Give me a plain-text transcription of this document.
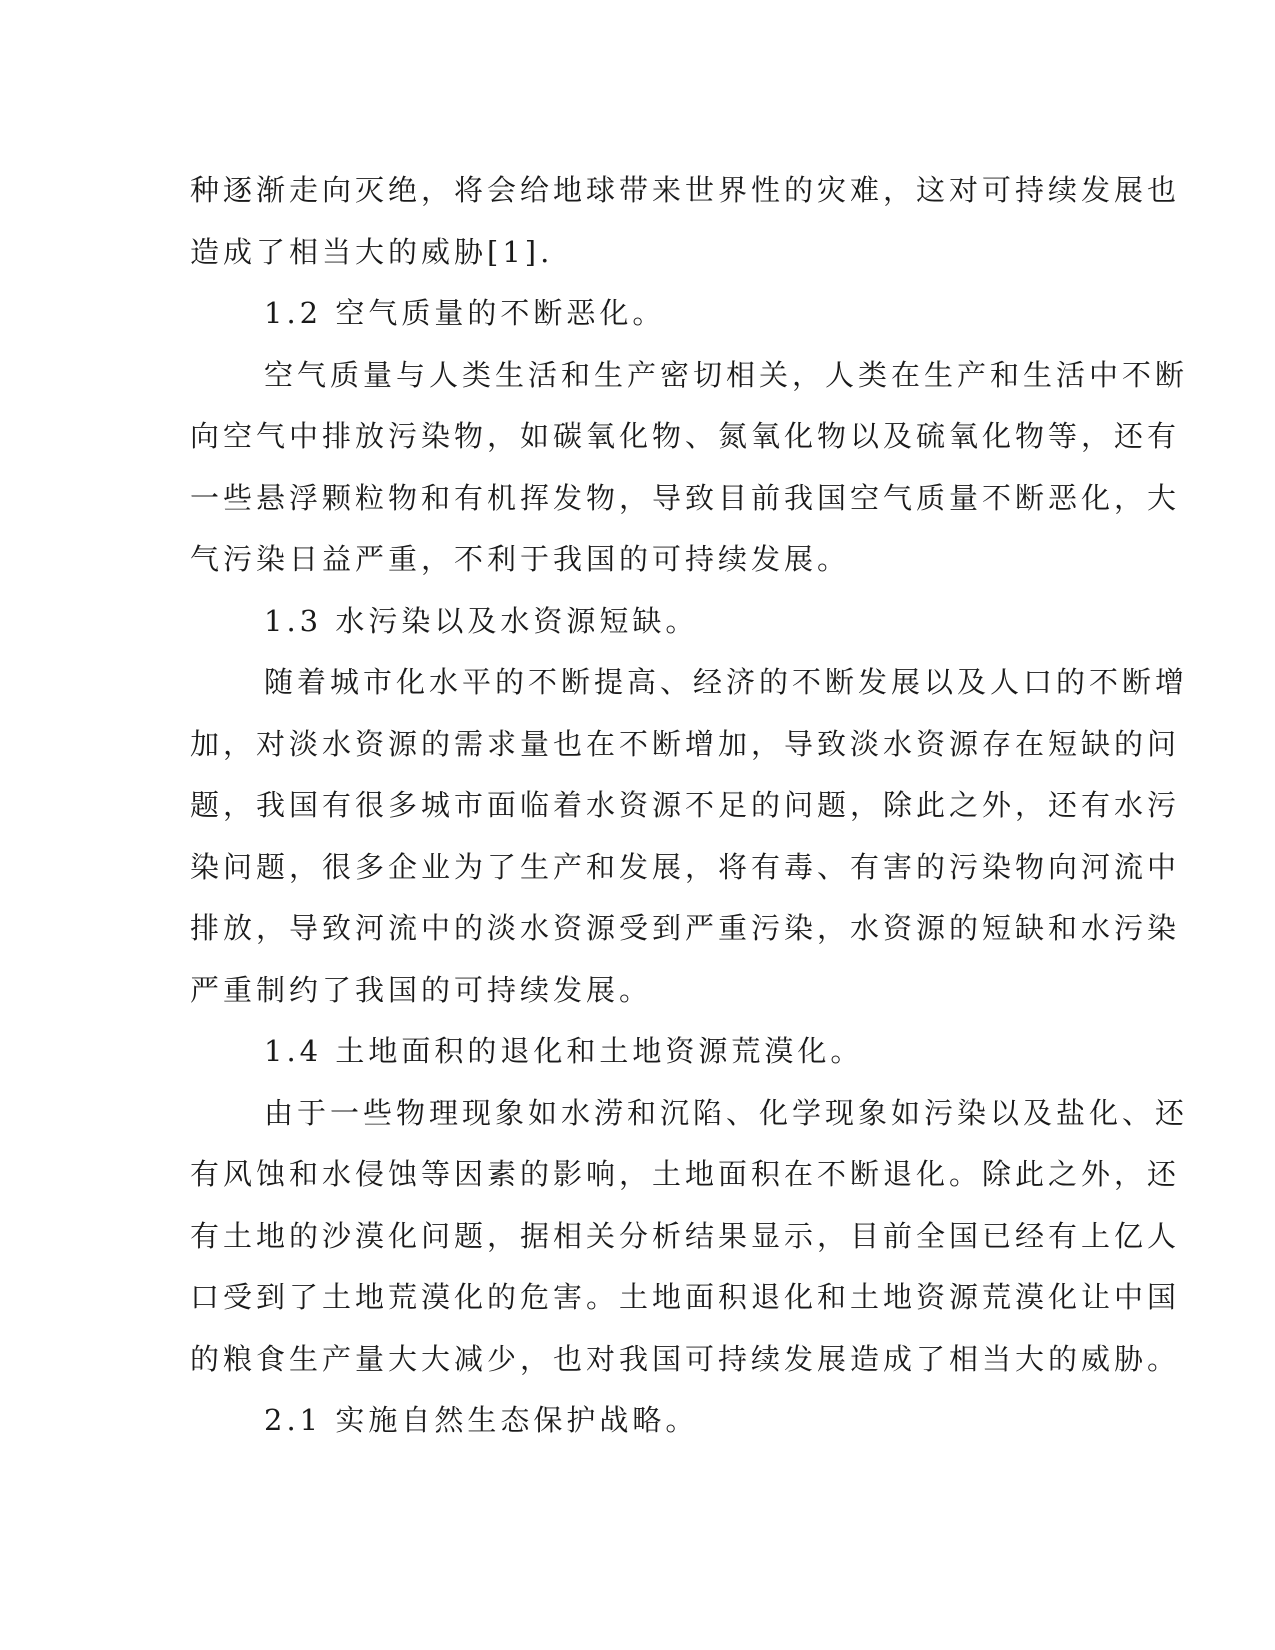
种逐渐走向灭绝，将会给地球带来世界性的灾难，这对可持续发展也

造成了相当大的威胁[1].

1.2 空气质量的不断恶化。

空气质量与人类生活和生产密切相关，人类在生产和生活中不断

向空气中排放污染物，如碳氧化物、氮氧化物以及硫氧化物等，还有

一些悬浮颗粒物和有机挥发物，导致目前我国空气质量不断恶化，大

气污染日益严重，不利于我国的可持续发展。

1.3 水污染以及水资源短缺。

随着城市化水平的不断提高、经济的不断发展以及人口的不断增

加，对淡水资源的需求量也在不断增加，导致淡水资源存在短缺的问

题，我国有很多城市面临着水资源不足的问题，除此之外，还有水污

染问题，很多企业为了生产和发展，将有毒、有害的污染物向河流中

排放，导致河流中的淡水资源受到严重污染，水资源的短缺和水污染

严重制约了我国的可持续发展。

1.4 土地面积的退化和土地资源荒漠化。

由于一些物理现象如水涝和沉陷、化学现象如污染以及盐化、还

有风蚀和水侵蚀等因素的影响，土地面积在不断退化。除此之外，还

有土地的沙漠化问题，据相关分析结果显示，目前全国已经有上亿人

口受到了土地荒漠化的危害。土地面积退化和土地资源荒漠化让中国

的粮食生产量大大减少，也对我国可持续发展造成了相当大的威胁。

2.1 实施自然生态保护战略。
